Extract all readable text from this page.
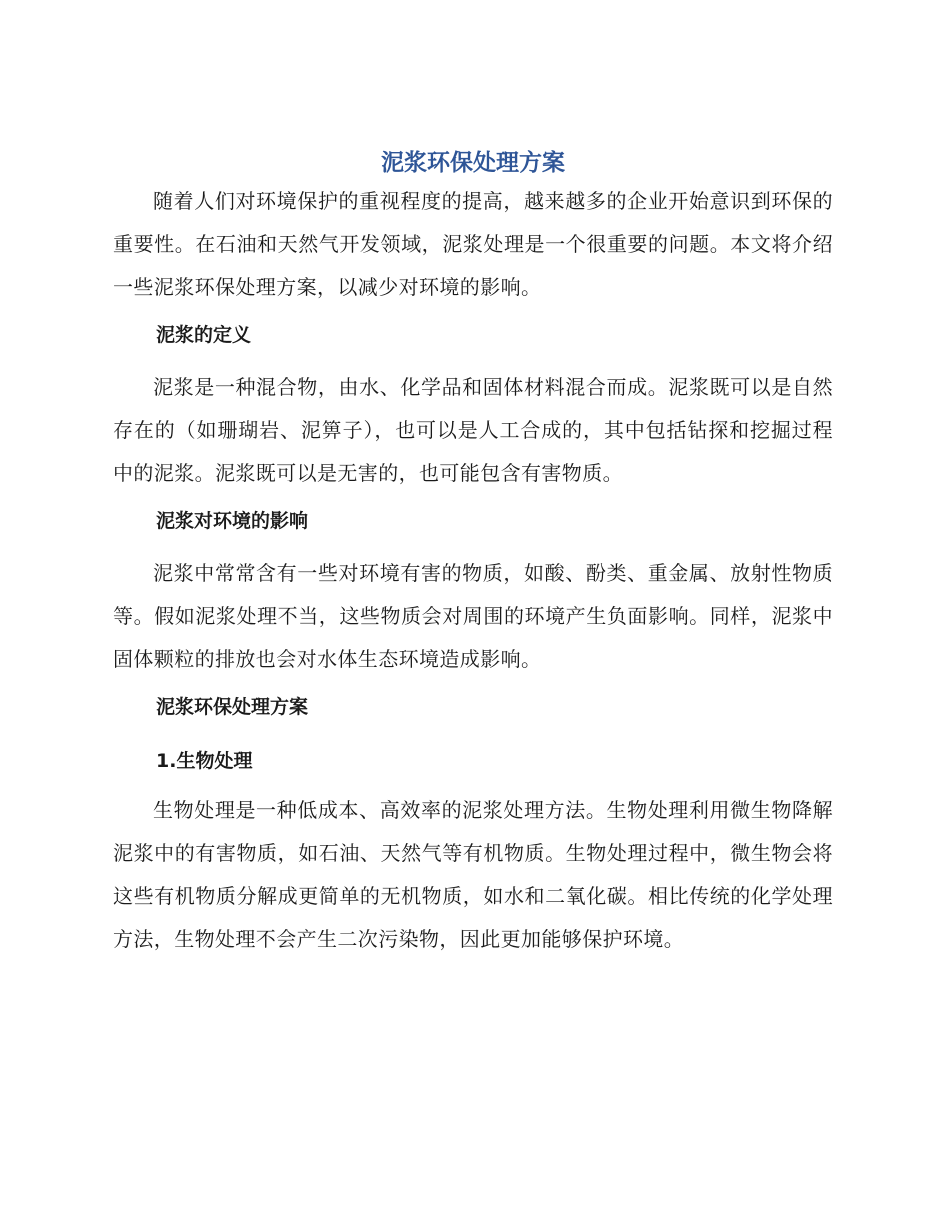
泥浆环保处理方案

随着人们对环境保护的重视程度的提高，越来越多的企业开始意识到环保的重要性。在石油和天然气开发领域，泥浆处理是一个很重要的问题。本文将介绍一些泥浆环保处理方案，以减少对环境的影响。

泥浆的定义

泥浆是一种混合物，由水、化学品和固体材料混合而成。泥浆既可以是自然存在的（如珊瑚岩、泥箅子），也可以是人工合成的，其中包括钻探和挖掘过程中的泥浆。泥浆既可以是无害的，也可能包含有害物质。

泥浆对环境的影响

泥浆中常常含有一些对环境有害的物质，如酸、酚类、重金属、放射性物质等。假如泥浆处理不当，这些物质会对周围的环境产生负面影响。同样，泥浆中固体颗粒的排放也会对水体生态环境造成影响。

泥浆环保处理方案
1.生物处理

生物处理是一种低成本、高效率的泥浆处理方法。生物处理利用微生物降解泥浆中的有害物质，如石油、天然气等有机物质。生物处理过程中，微生物会将这些有机物质分解成更简单的无机物质，如水和二氧化碳。相比传统的化学处理方法，生物处理不会产生二次污染物，因此更加能够保护环境。
